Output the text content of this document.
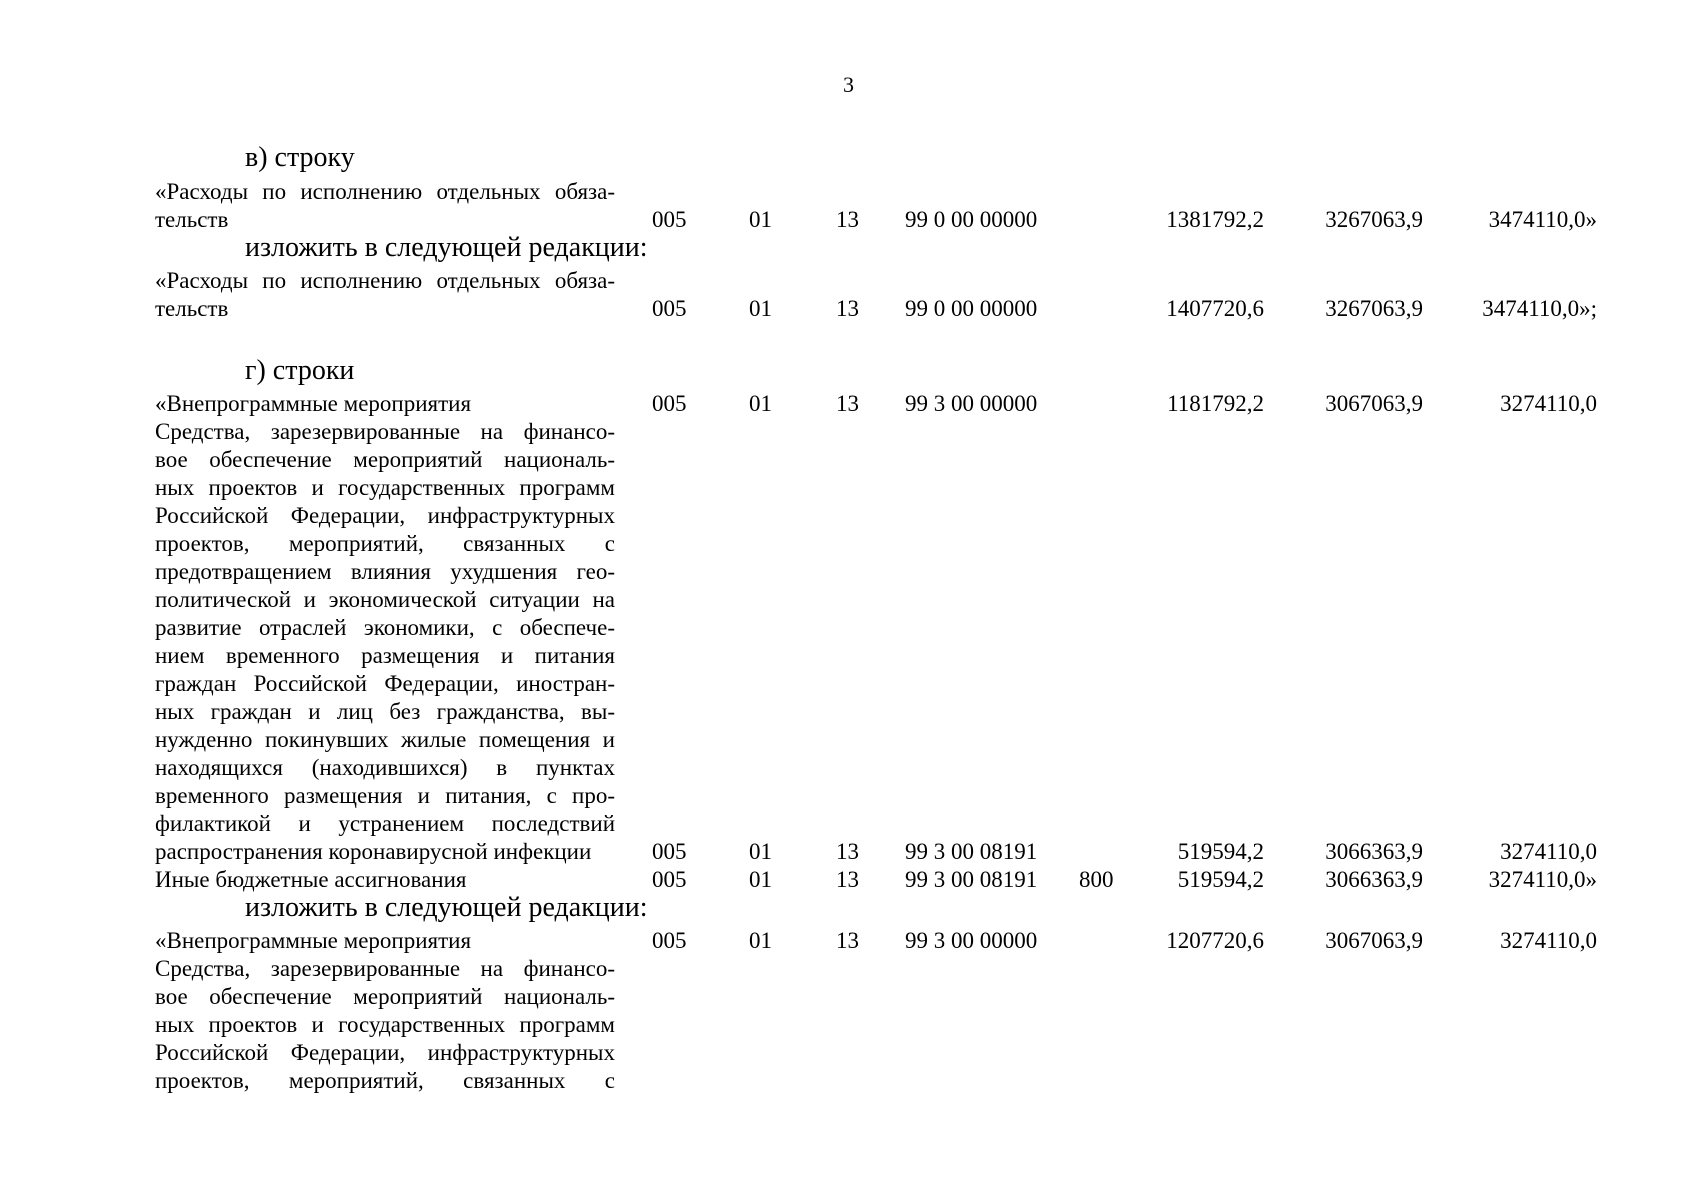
3
в) строку
«Расходы по исполнению отдельных обяза-
тельств	005	01	13 99 0 00 00000	1381792,2	3267063,9	3474110,0»
изложить в следующей редакции:
«Расходы по исполнению отдельных обяза-
тельств	005	01	13 99 0 00 00000	1407720,6	3267063,9	3474110,0»;
г) строки
«Внепрограммные мероприятия	005	01	13 99 3 00 00000	1181792,2	3067063,9	3274110,0
Средства, зарезервированные на финансо-
вое обеспечение мероприятий националь-
ных проектов и государственных программ
Российской Федерации, инфраструктурных
проектов, мероприятий, связанных с
предотвращением влияния ухудшения гео-
политической и экономической ситуации на
развитие отраслей экономики, с обеспече-
нием временного размещения и питания
граждан Российской Федерации, иностран-
ных граждан и лиц без гражданства, вы-
нужденно покинувших жилые помещения и
находящихся (находившихся) в пунктах
временного размещения и питания, с про-
филактикой и устранением последствий
распространения коронавирусной инфекции	005	01	13 99 3 00 08191	519594,2	3066363,9	3274110,0
Иные бюджетные ассигнования	005	01	13 99 3 00 08191 800	519594,2	3066363,9	3274110,0»
изложить в следующей редакции:
«Внепрограммные мероприятия	005	01	13 99 3 00 00000	1207720,6	3067063,9	3274110,0
Средства, зарезервированные на финансо-
вое обеспечение мероприятий националь-
ных проектов и государственных программ
Российской Федерации, инфраструктурных
проектов, мероприятий, связанных с
